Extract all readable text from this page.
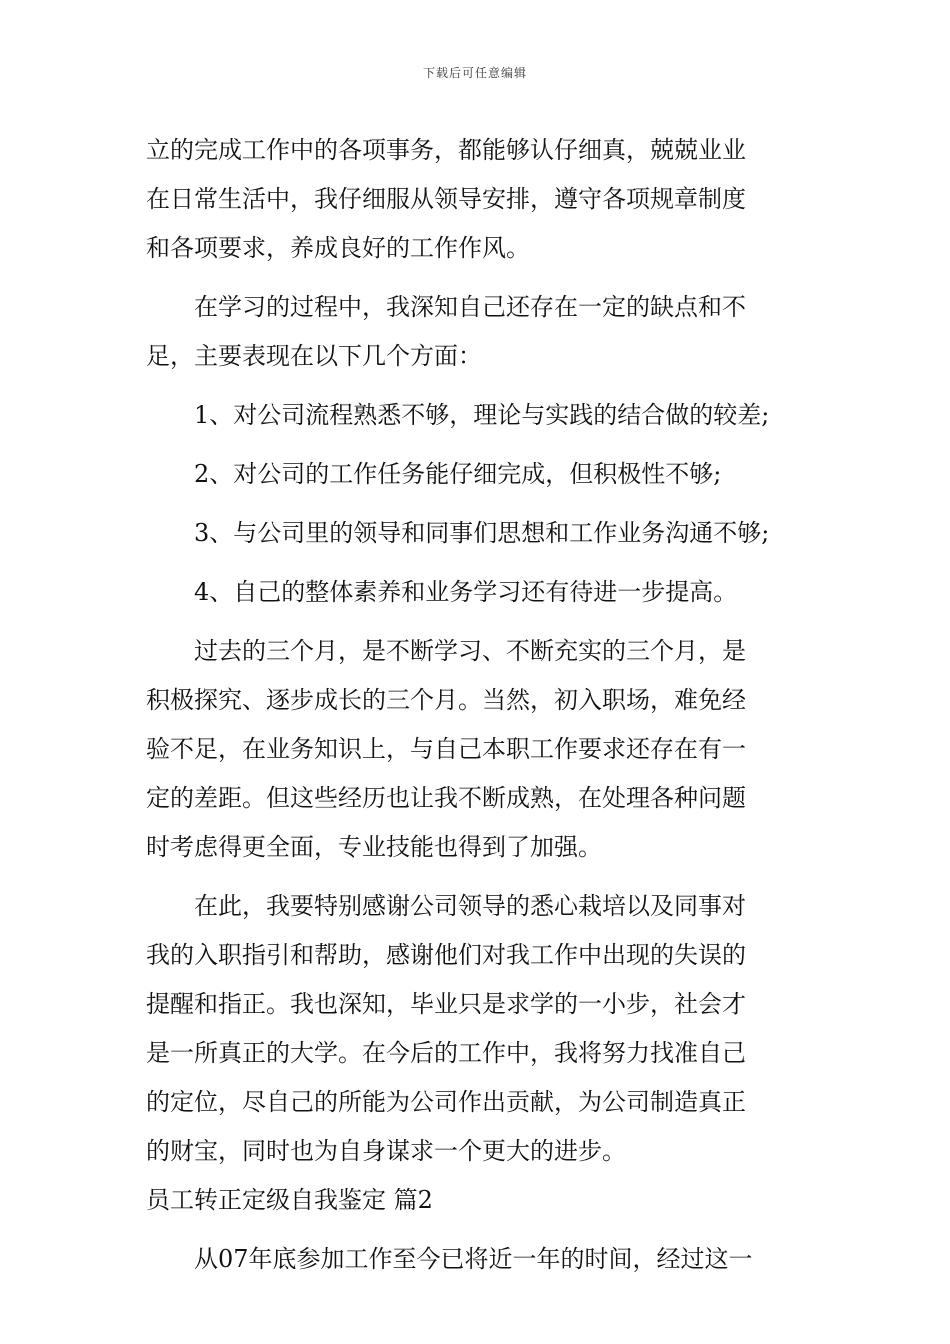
下载后可任意编辑

立的完成工作中的各项事务，都能够认仔细真，兢兢业业

在日常生活中，我仔细服从领导安排，遵守各项规章制度

和各项要求，养成良好的工作作风。

在学习的过程中，我深知自己还存在一定的缺点和不

足，主要表现在以下几个方面：

1、对公司流程熟悉不够，理论与实践的结合做的较差;

2、对公司的工作任务能仔细完成，但积极性不够;

3、与公司里的领导和同事们思想和工作业务沟通不够;

4、自己的整体素养和业务学习还有待进一步提高。

过去的三个月，是不断学习、不断充实的三个月，是

积极探究、逐步成长的三个月。当然，初入职场，难免经

验不足，在业务知识上，与自己本职工作要求还存在有一

定的差距。但这些经历也让我不断成熟，在处理各种问题

时考虑得更全面，专业技能也得到了加强。

在此，我要特别感谢公司领导的悉心栽培以及同事对

我的入职指引和帮助，感谢他们对我工作中出现的失误的

提醒和指正。我也深知，毕业只是求学的一小步，社会才

是一所真正的大学。在今后的工作中，我将努力找准自己

的定位，尽自己的所能为公司作出贡献，为公司制造真正

的财宝，同时也为自身谋求一个更大的进步。

员工转正定级自我鉴定 篇2

从07年底参加工作至今已将近一年的时间，经过这一
